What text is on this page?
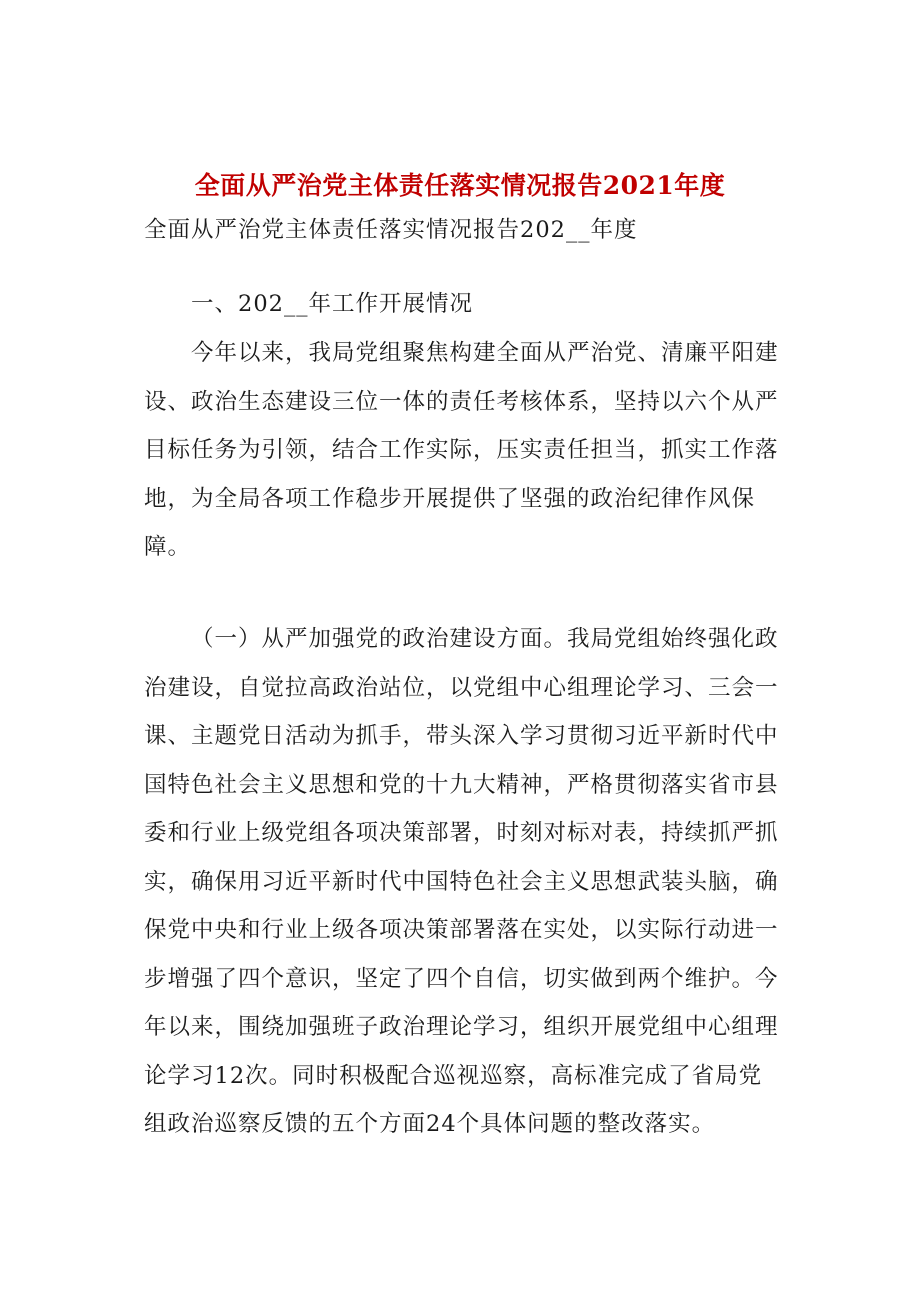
全面从严治党主体责任落实情况报告2021年度

全面从严治党主体责任落实情况报告202__年度

一、202__年工作开展情况

今年以来，我局党组聚焦构建全面从严治党、清廉平阳建设、政治生态建设三位一体的责任考核体系，坚持以六个从严目标任务为引领，结合工作实际，压实责任担当，抓实工作落地，为全局各项工作稳步开展提供了坚强的政治纪律作风保障。

（一）从严加强党的政治建设方面。我局党组始终强化政治建设，自觉拉高政治站位，以党组中心组理论学习、三会一课、主题党日活动为抓手，带头深入学习贯彻习近平新时代中国特色社会主义思想和党的十九大精神，严格贯彻落实省市县委和行业上级党组各项决策部署，时刻对标对表，持续抓严抓实，确保用习近平新时代中国特色社会主义思想武装头脑，确保党中央和行业上级各项决策部署落在实处，以实际行动进一步增强了四个意识，坚定了四个自信，切实做到两个维护。今年以来，围绕加强班子政治理论学习，组织开展党组中心组理论学习12次。同时积极配合巡视巡察，高标准完成了省局党组政治巡察反馈的五个方面24个具体问题的整改落实。
